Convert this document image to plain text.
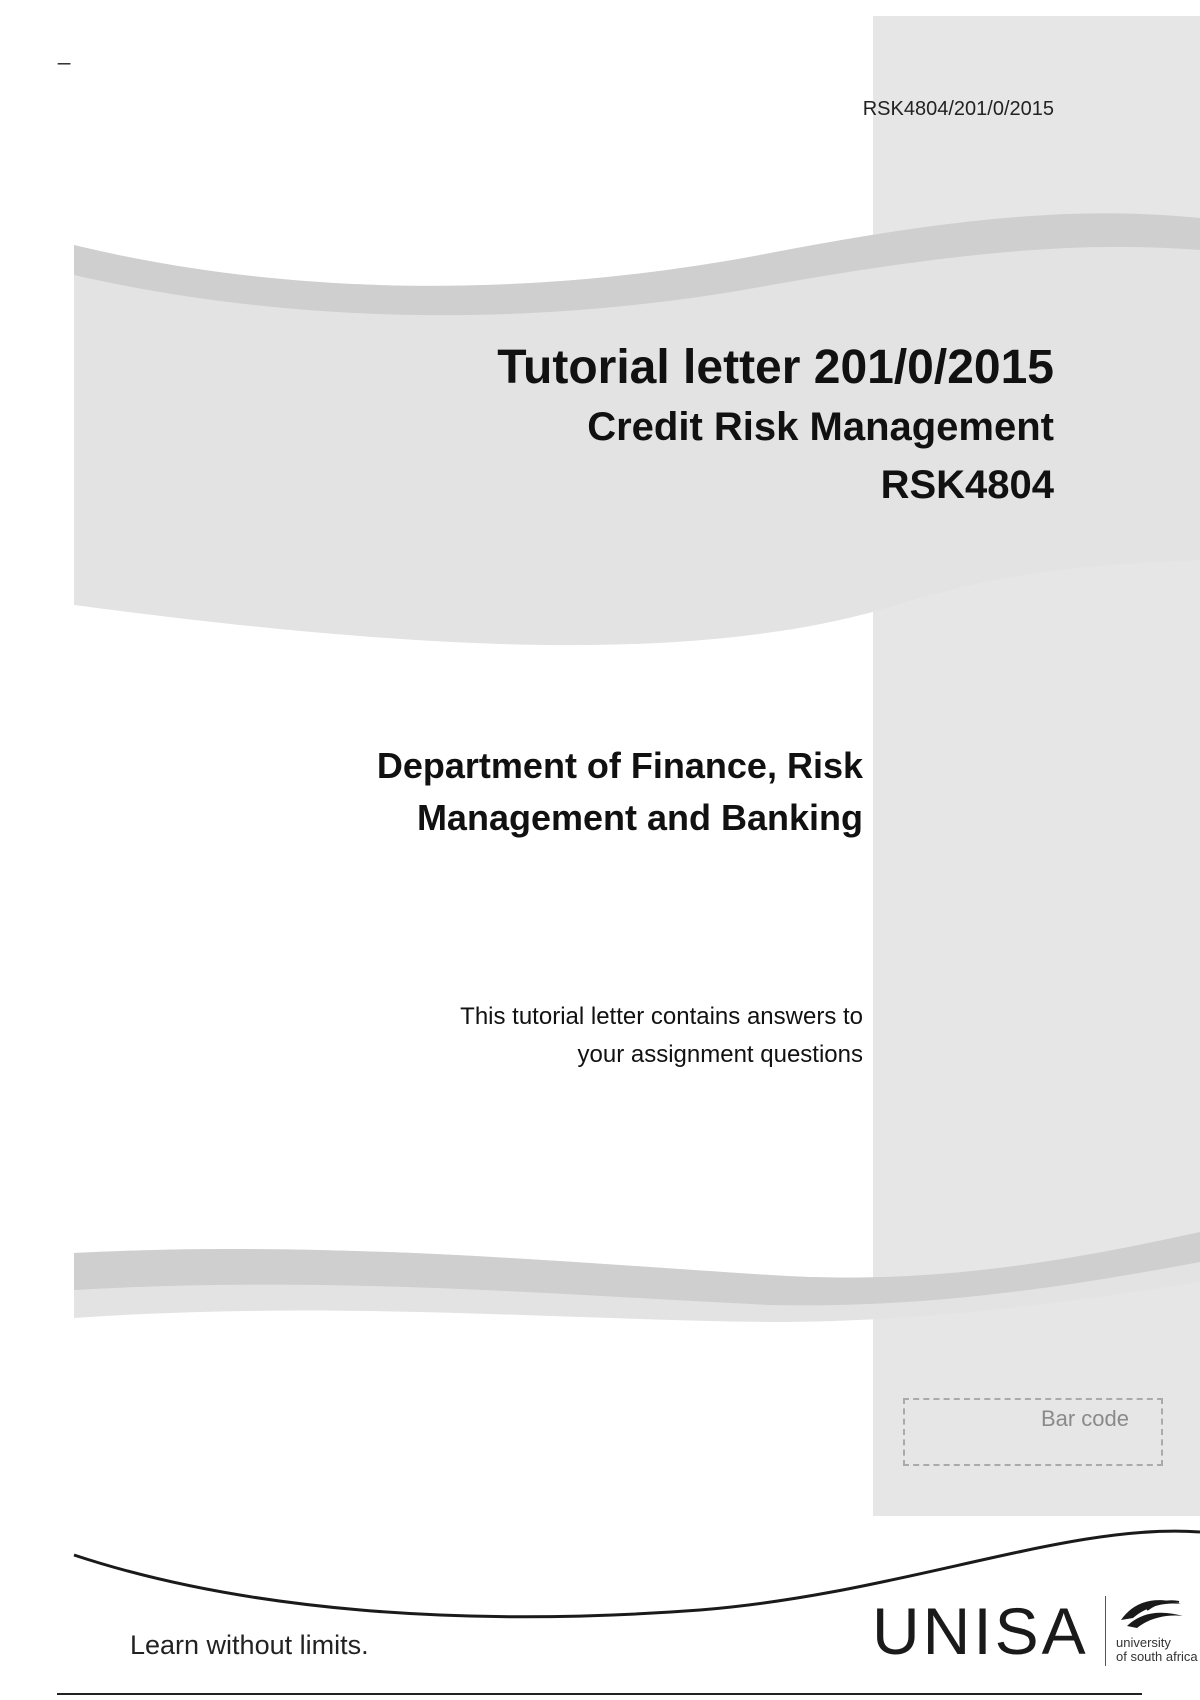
_
RSK4804/201/0/2015
Tutorial letter 201/0/2015
Credit Risk Management
RSK4804
Department of Finance, Risk
Management and Banking
This tutorial letter contains answers to
your assignment questions
Bar code
Learn without limits.	UNISA university
of south africa
